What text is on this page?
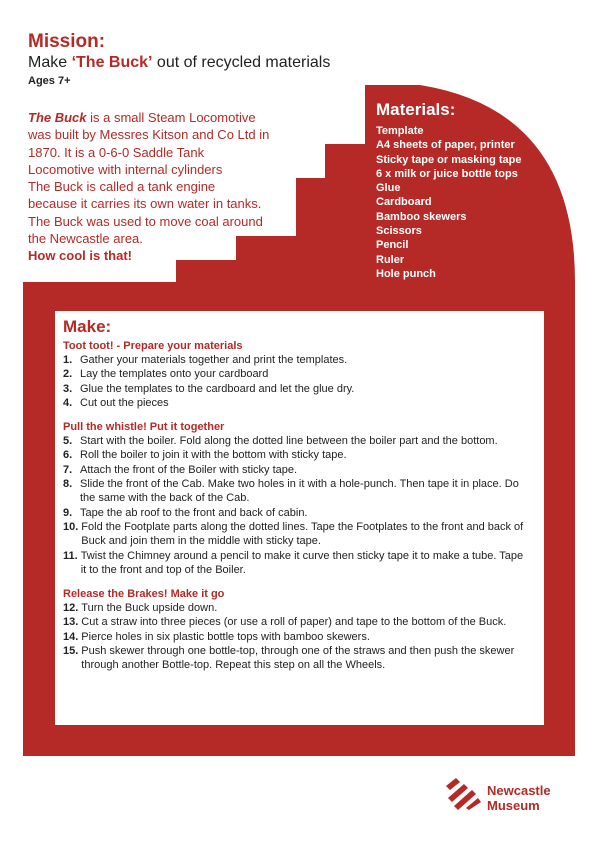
Mission:
Make ‘The Buck’ out of recycled materials
Ages 7+
The Buck is a small Steam Locomotive
was built by Messres Kitson and Co Ltd in
1870. It is a 0-6-0 Saddle Tank
Locomotive with internal cylinders
The Buck is called a tank engine
because it carries its own water in tanks.
The Buck was used to move coal around
the Newcastle area.
How cool is that!
Materials:
Template
A4 sheets of paper, printer
Sticky tape or masking tape
6 x milk or juice bottle tops
Glue
Cardboard
Bamboo skewers
Scissors
Pencil
Ruler
Hole punch
Make:
Toot toot! - Prepare your materials
1. Gather your materials together and print the templates.
2. Lay the templates onto your cardboard
3. Glue the templates to the cardboard and let the glue dry.
4. Cut out the pieces
Pull the whistle! Put it together
5. Start with the boiler. Fold along the dotted line between the boiler part and the bottom.
6. Roll the boiler to join it with the bottom with sticky tape.
7. Attach the front of the Boiler with sticky tape.
8. Slide the front of the Cab. Make two holes in it with a hole-punch. Then tape it in place. Do the same with the back of the Cab.
9. Tape the ab roof to the front and back of cabin.
10. Fold the Footplate parts along the dotted lines. Tape the Footplates to the front and back of Buck and join them in the middle with sticky tape.
11. Twist the Chimney around a pencil to make it curve then sticky tape it to make a tube. Tape it to the front and top of the Boiler.
Release the Brakes! Make it go
12. Turn the Buck upside down.
13. Cut a straw into three pieces (or use a roll of paper) and tape to the bottom of the Buck.
14. Pierce holes in six plastic bottle tops with bamboo skewers.
15. Push skewer through one bottle-top, through one of the straws and then push the skewer through another Bottle-top. Repeat this step on all the Wheels.
Newcastle
Museum
